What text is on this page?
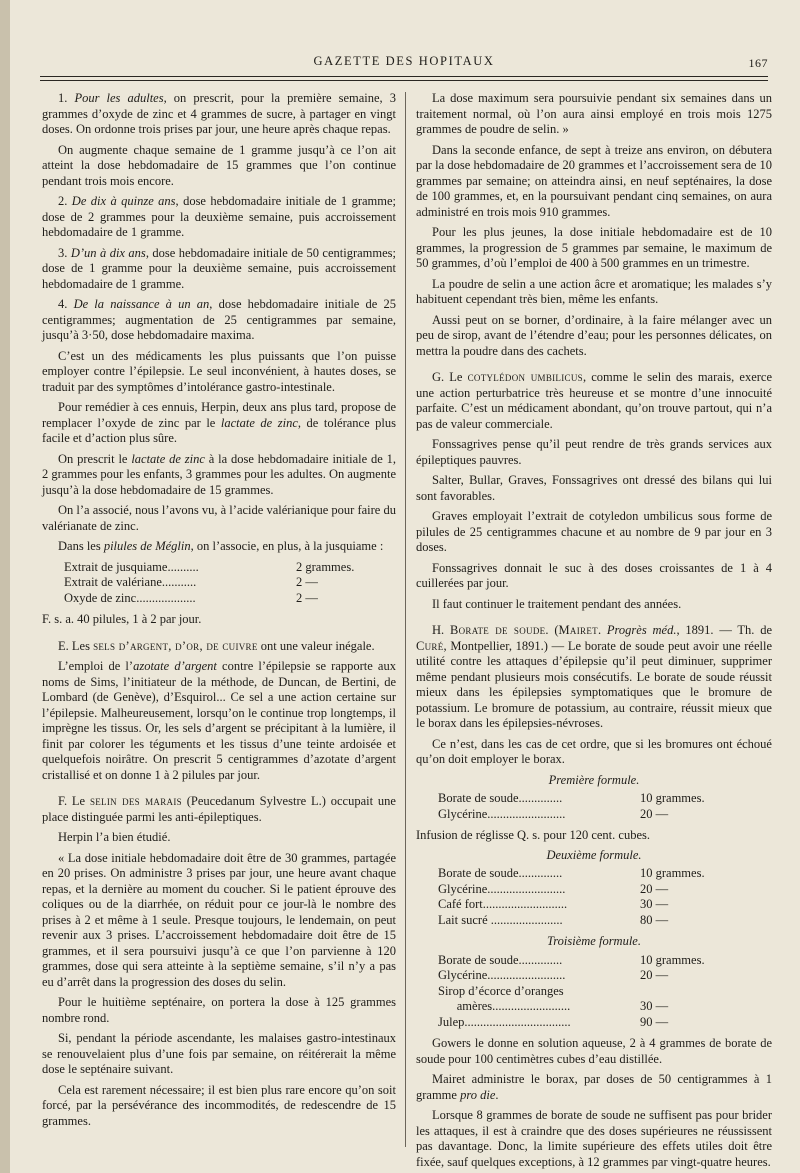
GAZETTE DES HOPITAUX	167

1. Pour les adultes, on prescrit, pour la première semaine, 3 grammes d’oxyde de zinc et 4 grammes de sucre, à partager en vingt doses. On ordonne trois prises par jour, une heure après chaque repas.

On augmente chaque semaine de 1 gramme jusqu’à ce l’on ait atteint la dose hebdomadaire de 15 grammes que l’on continue pendant trois mois encore.

2. De dix à quinze ans, dose hebdomadaire initiale de 1 gramme; dose de 2 grammes pour la deuxième semaine, puis accroissement hebdomadaire de 1 gramme.

3. D’un à dix ans, dose hebdomadaire initiale de 50 centigrammes; dose de 1 gramme pour la deuxième semaine, puis accroissement hebdomadaire de 1 gramme.

4. De la naissance à un an, dose hebdomadaire initiale de 25 centigrammes; augmentation de 25 centigrammes par semaine, jusqu’à 3·50, dose hebdomadaire maxima.

C’est un des médicaments les plus puissants que l’on puisse employer contre l’épilepsie. Le seul inconvénient, à hautes doses, se traduit par des symptômes d’intolérance gastro-intestinale.

Pour remédier à ces ennuis, Herpin, deux ans plus tard, propose de remplacer l’oxyde de zinc par le lactate de zinc, de tolérance plus facile et d’action plus sûre.

On prescrit le lactate de zinc à la dose hebdomadaire initiale de 1, 2 grammes pour les enfants, 3 grammes pour les adultes. On augmente jusqu’à la dose hebdomadaire de 15 grammes.

On l’a associé, nous l’avons vu, à l’acide valérianique pour faire du valérianate de zinc.

Dans les pilules de Méglin, on l’associe, en plus, à la jusquiame :

Extrait de jusquiame..........	2 grammes.
Extrait de valériane...........	2 —
Oxyde de zinc...................	2 —

F. s. a. 40 pilules, 1 à 2 par jour.

E. Les sels d’argent, d’or, de cuivre ont une valeur inégale.

L’emploi de l’azotate d’argent contre l’épilepsie se rapporte aux noms de Sims, l’initiateur de la méthode, de Duncan, de Bertini, de Lombard (de Genève), d’Esquirol... Ce sel a une action certaine sur l’épilepsie. Malheureusement, lorsqu’on le continue trop longtemps, il imprègne les tissus. Or, les sels d’argent se précipitant à la lumière, il finit par colorer les téguments et les tissus d’une teinte ardoisée et quelquefois noirâtre. On prescrit 5 centigrammes d’azotate d’argent cristallisé et on donne 1 à 2 pilules par jour.

F. Le selin des marais (Peucedanum Sylvestre L.) occupait une place distinguée parmi les anti-épileptiques.

Herpin l’a bien étudié.

« La dose initiale hebdomadaire doit être de 30 grammes, partagée en 20 prises. On administre 3 prises par jour, une heure avant chaque repas, et la dernière au moment du coucher. Si le patient éprouve des coliques ou de la diarrhée, on réduit pour ce jour-là le nombre des prises à 2 et même à 1 seule. Presque toujours, le lendemain, on peut revenir aux 3 prises. L’accroissement hebdomadaire doit être de 15 grammes, et il sera poursuivi jusqu’à ce que l’on parvienne à 120 grammes, dose qui sera atteinte à la septième semaine, s’il n’y a pas eu d’arrêt dans la progression des doses du selin.

Pour le huitième septénaire, on portera la dose à 125 grammes nombre rond.

Si, pendant la période ascendante, les malaises gastro-intestinaux se renouvelaient plus d’une fois par semaine, on réitérerait la même dose le septénaire suivant.

Cela est rarement nécessaire; il est bien plus rare encore qu’on soit forcé, par la persévérance des incommodités, de redescendre de 15 grammes.

La dose maximum sera poursuivie pendant six semaines dans un traitement normal, où l’on aura ainsi employé en trois mois 1275 grammes de poudre de selin. »

Dans la seconde enfance, de sept à treize ans environ, on débutera par la dose hebdomadaire de 20 grammes et l’accroissement sera de 10 grammes par semaine; on atteindra ainsi, en neuf septénaires, la dose de 100 grammes, et, en la poursuivant pendant cinq semaines, on aura administré en trois mois 910 grammes.

Pour les plus jeunes, la dose initiale hebdomadaire est de 10 grammes, la progression de 5 grammes par semaine, le maximum de 50 grammes, d’où l’emploi de 400 à 500 grammes en un trimestre.

La poudre de selin a une action âcre et aromatique; les malades s’y habituent cependant très bien, même les enfants.

Aussi peut on se borner, d’ordinaire, à la faire mélanger avec un peu de sirop, avant de l’étendre d’eau; pour les personnes délicates, on mettra la poudre dans des cachets.

G. Le cotylédon umbilicus, comme le selin des marais, exerce une action perturbatrice très heureuse et se montre d’une innocuité parfaite. C’est un médicament abondant, qu’on trouve partout, qui n’a pas de valeur commerciale.

Fonssagrives pense qu’il peut rendre de très grands services aux épileptiques pauvres.

Salter, Bullar, Graves, Fonssagrives ont dressé des bilans qui lui sont favorables.

Graves employait l’extrait de cotyledon umbilicus sous forme de pilules de 25 centigrammes chacune et au nombre de 9 par jour en 3 doses.

Fonssagrives donnait le suc à des doses croissantes de 1 à 4 cuillerées par jour.

Il faut continuer le traitement pendant des années.

H. Borate de soude. (Mairet. Progrès méd., 1891. — Th. de Curé, Montpellier, 1891.) — Le borate de soude peut avoir une réelle utilité contre les attaques d’épilepsie qu’il peut diminuer, supprimer même pendant plusieurs mois consécutifs. Le borate de soude réussit mieux dans les épilepsies symptomatiques que le bromure de potassium. Le bromure de potassium, au contraire, réussit mieux que le borax dans les épilepsies-névroses.

Ce n’est, dans les cas de cet ordre, que si les bromures ont échoué qu’on doit employer le borax.

Première formule.
Borate de soude..............	10 grammes.
Glycérine.........................	20 —

Infusion de réglisse Q. s. pour 120 cent. cubes.

Deuxième formule.
Borate de soude..............	10 grammes.
Glycérine.........................	20 —
Café fort...........................	30 —
Lait sucré .......................	80 —
Troisième formule.
Borate de soude..............	10 grammes.
Glycérine.........................	20 —
Sirop d’écorce d’oranges
amères.........................	30 —
Julep..................................	90 —

Gowers le donne en solution aqueuse, 2 à 4 grammes de borate de soude pour 100 centimètres cubes d’eau distillée.

Mairet administre le borax, par doses de 50 centigrammes à 1 gramme pro die.

Lorsque 8 grammes de borate de soude ne suffisent pas pour brider les attaques, il est à craindre que des doses supérieures ne réussissent pas davantage. Donc, la limite supérieure des effets utiles doit être fixée, sauf quelques exceptions, à 12 grammes par vingt-quatre heures.
